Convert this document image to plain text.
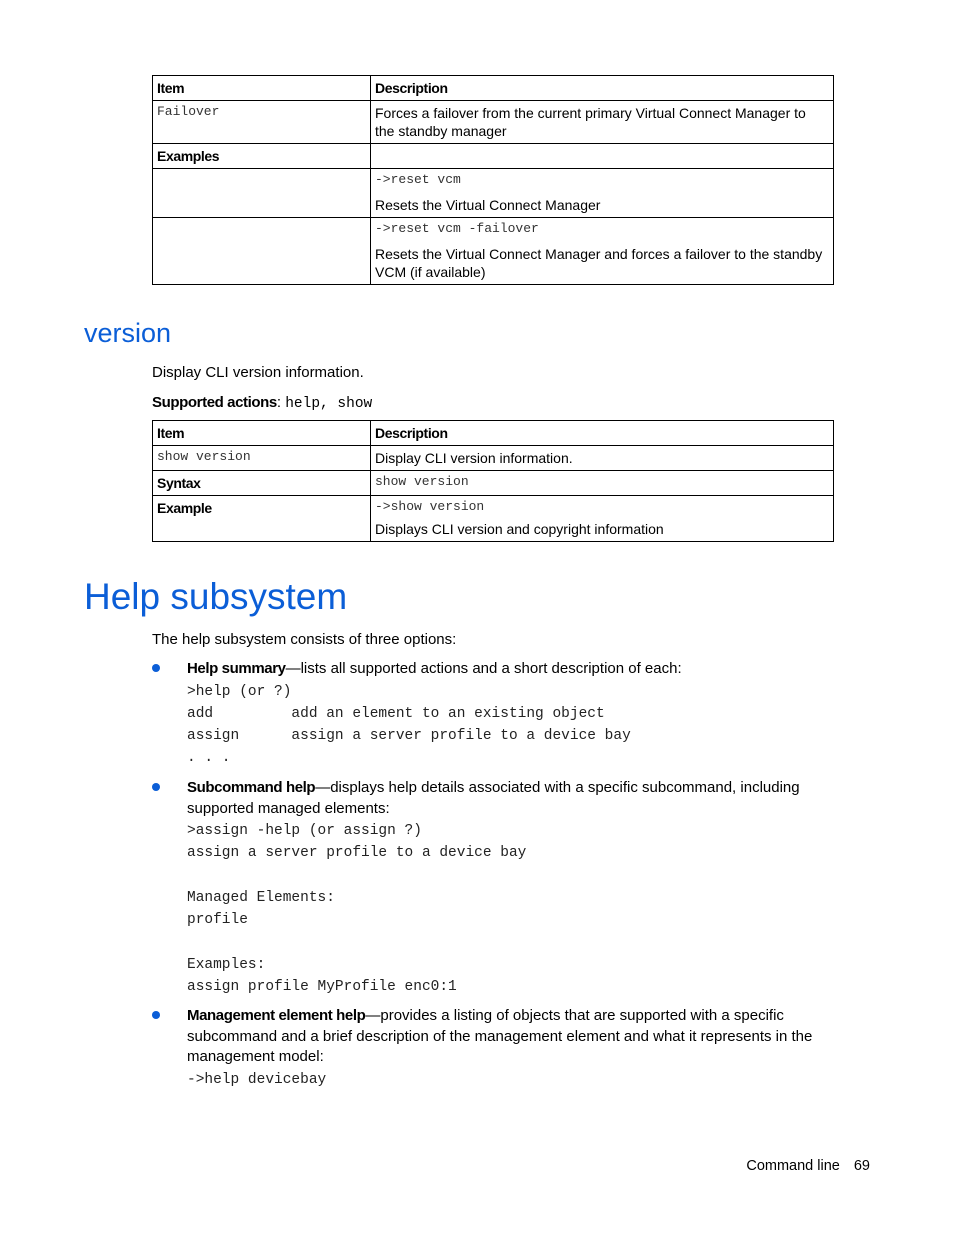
Item	Description
Failover	Forces a failover from the current primary Virtual Connect Manager to the standby manager
Examples	

	->reset vcm

Resets the Virtual Connect Manager

	->reset vcm -failover

Resets the Virtual Connect Manager and forces a failover to the standby VCM (if available)

version

Display CLI version information.

Supported actions: help, show

Item	Description
show version	Display CLI version information.
Syntax	show version
Example	->show version

Displays CLI version and copyright information

Help subsystem

The help subsystem consists of three options:

Help summary—lists all supported actions and a short description of each:

>help (or ?)

add         add an element to an existing object

assign      assign a server profile to a device bay

. . .

Subcommand help—displays help details associated with a specific subcommand, including

supported managed elements:

>assign -help (or assign ?)

assign a server profile to a device bay

Managed Elements:

profile

Examples:

assign profile MyProfile enc0:1

Management element help—provides a listing of objects that are supported with a specific

subcommand and a brief description of the management element and what it represents in the

management model:

->help devicebay

Command line 69
